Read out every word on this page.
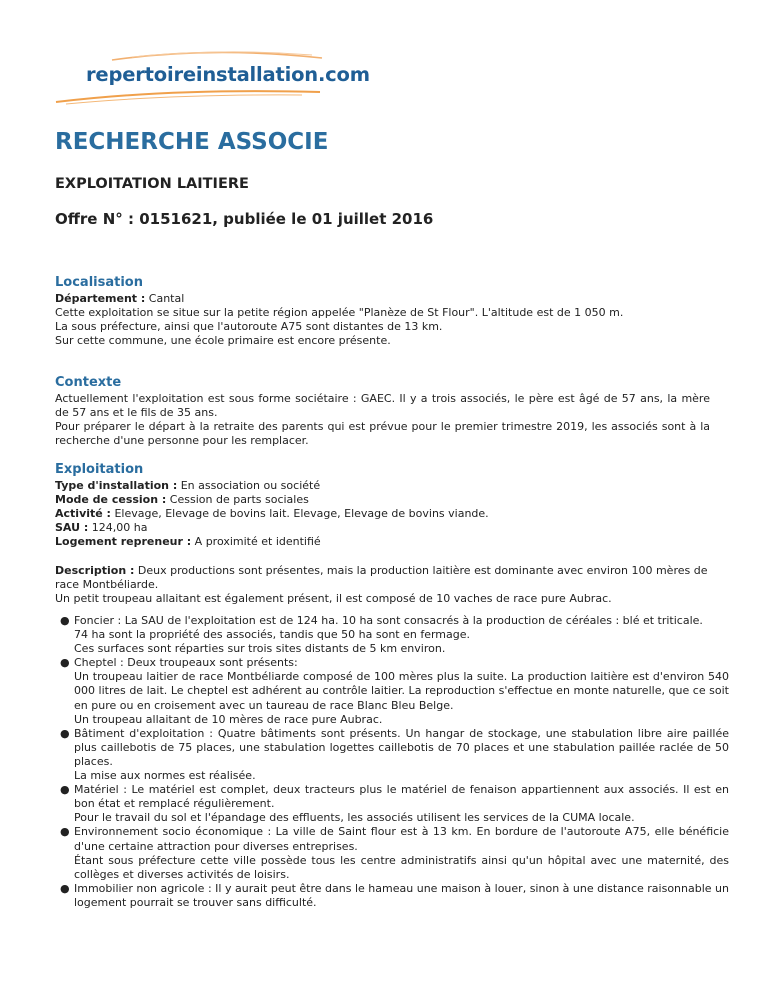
repertoireinstallation.com
RECHERCHE ASSOCIE
EXPLOITATION LAITIERE
Offre N° : 0151621, publiée le 01 juillet 2016
Localisation

Département : Cantal

Cette exploitation se situe sur la petite région appelée "Planèze de St Flour". L'altitude est de 1 050 m.

La sous préfecture, ainsi que l'autoroute A75 sont distantes de 13 km.

Sur cette commune, une école primaire est encore présente.

Contexte

Actuellement l'exploitation est sous forme sociétaire : GAEC. Il y a trois associés, le père est âgé de 57 ans, la mère de 57 ans et le fils de 35 ans.

Pour préparer le départ à la retraite des parents qui est prévue pour le premier trimestre 2019, les associés sont à la recherche d'une personne pour les remplacer.

Exploitation

Type d'installation : En association ou société

Mode de cession : Cession de parts sociales

Activité : Elevage, Elevage de bovins lait. Elevage, Elevage de bovins viande.

SAU : 124,00 ha

Logement repreneur : A proximité et identifié

Description : Deux productions sont présentes, mais la production laitière est dominante avec environ 100 mères de race Montbéliarde.

Un petit troupeau allaitant est également présent, il est composé de 10 vaches de race pure Aubrac.

● Foncier : La SAU de l'exploitation est de 124 ha. 10 ha sont consacrés à la production de céréales : blé et triticale.
74 ha sont la propriété des associés, tandis que 50 ha sont en fermage.
Ces surfaces sont réparties sur trois sites distants de 5 km environ.
● Cheptel : Deux troupeaux sont présents:
Un troupeau laitier de race Montbéliarde composé de 100 mères plus la suite. La production laitière est d'environ 540 000 litres de lait. Le cheptel est adhérent au contrôle laitier. La reproduction s'effectue en monte naturelle, que ce soit en pure ou en croisement avec un taureau de race Blanc Bleu Belge.
Un troupeau allaitant de 10 mères de race pure Aubrac.
● Bâtiment d'exploitation : Quatre bâtiments sont présents. Un hangar de stockage, une stabulation libre aire paillée plus caillebotis de 75 places, une stabulation logettes caillebotis de 70 places et une stabulation paillée raclée de 50 places.
La mise aux normes est réalisée.
● Matériel : Le matériel est complet, deux tracteurs plus le matériel de fenaison appartiennent aux associés. Il est en bon état et remplacé régulièrement.
Pour le travail du sol et l'épandage des effluents, les associés utilisent les services de la CUMA locale.
● Environnement socio économique : La ville de Saint flour est à 13 km. En bordure de l'autoroute A75, elle bénéficie d'une certaine attraction pour diverses entreprises.
Étant sous préfecture cette ville possède tous les centre administratifs ainsi qu'un hôpital avec une maternité, des collèges et diverses activités de loisirs.
● Immobilier non agricole : Il y aurait peut être dans le hameau une maison à louer, sinon à une distance raisonnable un logement pourrait se trouver sans difficulté.
